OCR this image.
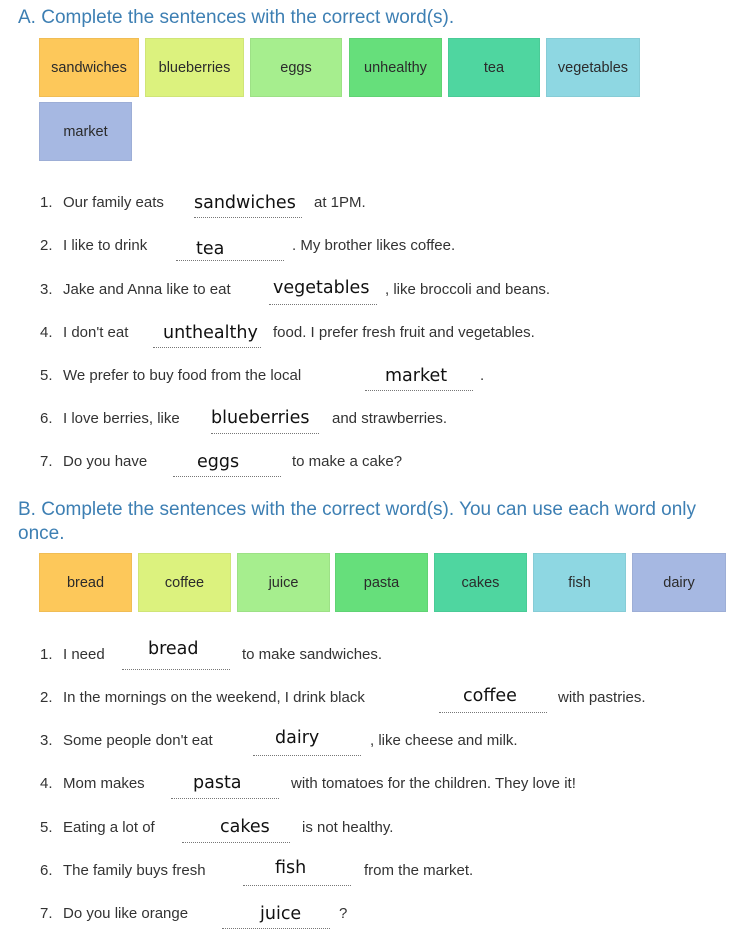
A. Complete the sentences with the correct word(s).
sandwiches	blueberries	eggs	unhealthy	tea	vegetables
market
1. Our family eats sandwiches at 1PM.
2. I like to drink	tea	. My brother likes coffee.
3. Jake and Anna like to eat vegetables , like broccoli and beans.
4. I don't eat unthealthy food. I prefer fresh fruit and vegetables.
5. We prefer to buy food from the local	market .
6. I love berries, like blueberries and strawberries.
7. Do you have	eggs	to make a cake?
B. Complete the sentences with the correct word(s). You can use each word only once.
bread	coffee	juice	pasta	cakes	fish	dairy
1. I need bread	to make sandwiches.
2. In the mornings on the weekend, I drink black	coffee	with pastries.
3. Some people don't eat	dairy	, like cheese and milk.
4. Mom makes	pasta	with tomatoes for the children. They love it!
5. Eating a lot of	cakes is not healthy.
6. The family buys fresh	fish	from the market.
7. Do you like orange	juice	?
